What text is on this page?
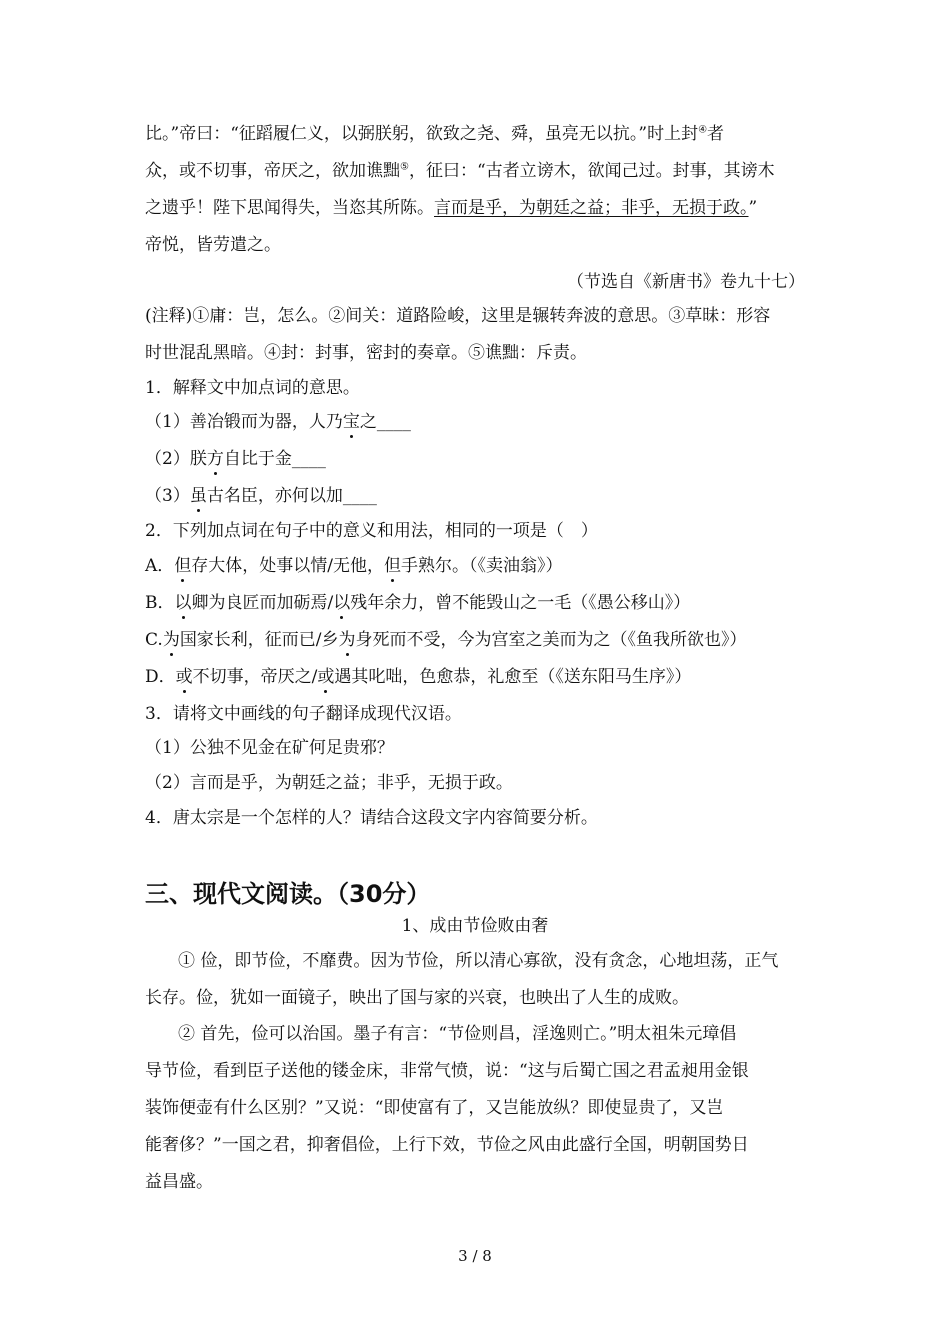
比。”帝曰：“征蹈履仁义，以弼朕躬，欲致之尧、舜，虽亮无以抗。”时上封④者
众，或不切事，帝厌之，欲加谯黜⑤，征曰：“古者立谤木，欲闻己过。封事，其谤木
之遗乎！陛下思闻得失，当恣其所陈。言而是乎，为朝廷之益；非乎，无损于政。”
帝悦，皆劳遣之。
（节选自《新唐书》卷九十七）
(注释)①庸：岂，怎么。②间关：道路险峻，这里是辗转奔波的意思。③草昧：形容
时世混乱黑暗。④封：封事，密封的奏章。⑤谯黜：斥责。
1．解释文中加点词的意思。
（1）善冶锻而为器，人乃宝之____
（2）朕方自比于金____
（3）虽古名臣，亦何以加____
2．下列加点词在句子中的意义和用法，相同的一项是（　）
A．但存大体，处事以情/无他，但手熟尔。（《卖油翁》）
B．以卿为良匠而加砺焉/以残年余力，曾不能毁山之一毛（《愚公移山》）
C.为国家长利，征而已/乡为身死而不受，今为宫室之美而为之（《鱼我所欲也》）
D．或不切事，帝厌之/或遇其叱咄，色愈恭，礼愈至（《送东阳马生序》）
3．请将文中画线的句子翻译成现代汉语。
（1）公独不见金在矿何足贵邪？
（2）言而是乎，为朝廷之益；非乎，无损于政。
4．唐太宗是一个怎样的人？请结合这段文字内容简要分析。
三、现代文阅读。（30分）
1、成由节俭败由奢
① 俭，即节俭，不靡费。因为节俭，所以清心寡欲，没有贪念，心地坦荡，正气
长存。俭，犹如一面镜子，映出了国与家的兴衰，也映出了人生的成败。
② 首先，俭可以治国。墨子有言：“节俭则昌，淫逸则亡。”明太祖朱元璋倡
导节俭，看到臣子送他的镂金床，非常气愤，说：“这与后蜀亡国之君孟昶用金银
装饰便壶有什么区别？”又说：“即使富有了，又岂能放纵？即使显贵了，又岂
能奢侈？”一国之君，抑奢倡俭，上行下效，节俭之风由此盛行全国，明朝国势日
益昌盛。
3 / 8
